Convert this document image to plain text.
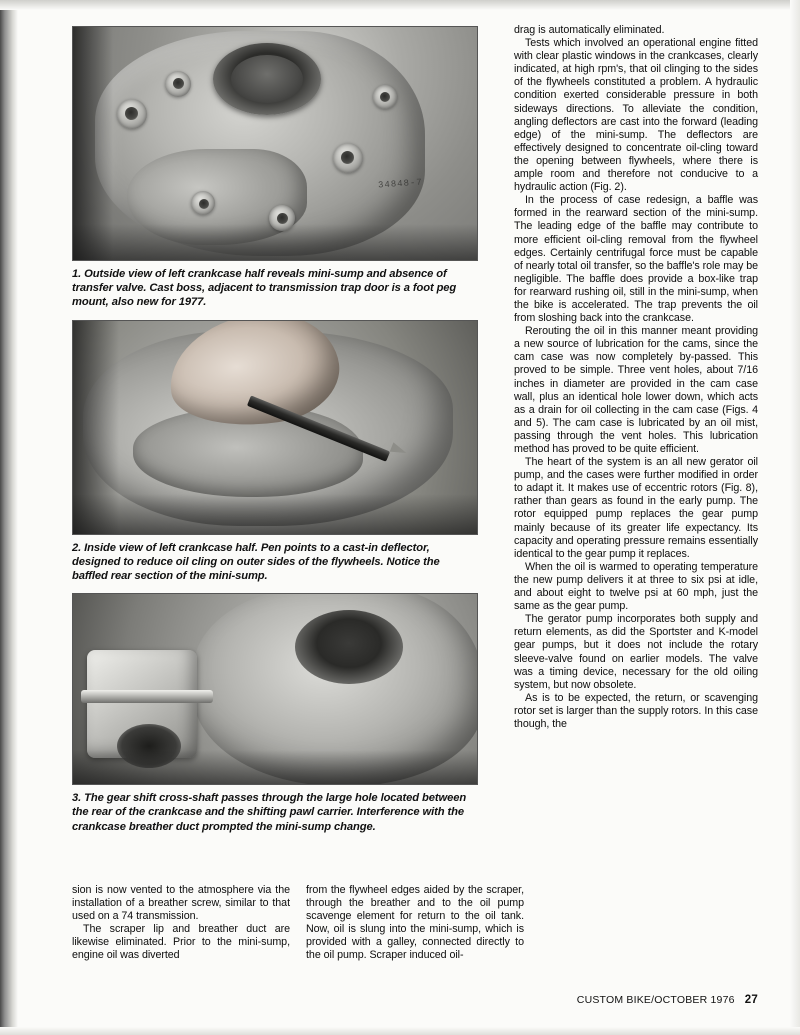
34848-7
1. Outside view of left crankcase half reveals mini-sump and absence of transfer valve. Cast boss, adjacent to transmission trap door is a foot peg mount, also new for 1977.
2. Inside view of left crankcase half. Pen points to a cast-in deflector, designed to reduce oil cling on outer sides of the flywheels. Notice the baffled rear section of the mini-sump.
3. The gear shift cross-shaft passes through the large hole located between the rear of the crankcase and the shifting pawl carrier. Interference with the crankcase breather duct prompted the mini-sump change.

drag is automatically eliminated.

Tests which involved an operational engine fitted with clear plastic windows in the crankcases, clearly indicated, at high rpm's, that oil clinging to the sides of the flywheels constituted a problem. A hydraulic condition exerted considerable pressure in both sideways directions. To alleviate the condition, angling deflectors are cast into the forward (leading edge) of the mini-sump. The deflectors are effectively designed to concentrate oil-cling toward the opening between flywheels, where there is ample room and therefore not conducive to a hydraulic action (Fig. 2).

In the process of case redesign, a baffle was formed in the rearward section of the mini-sump. The leading edge of the baffle may contribute to more efficient oil-cling removal from the flywheel edges. Certainly centrifugal force must be capable of nearly total oil transfer, so the baffle's role may be negligible. The baffle does provide a box-like trap for rearward rushing oil, still in the mini-sump, when the bike is accelerated. The trap prevents the oil from sloshing back into the crankcase.

Rerouting the oil in this manner meant providing a new source of lubrication for the cams, since the cam case was now completely by-passed. This proved to be simple. Three vent holes, about 7/16 inches in diameter are provided in the cam case wall, plus an identical hole lower down, which acts as a drain for oil collecting in the cam case (Figs. 4 and 5). The cam case is lubricated by an oil mist, passing through the vent holes. This lubrication method has proved to be quite efficient.

The heart of the system is an all new gerator oil pump, and the cases were further modified in order to adapt it. It makes use of eccentric rotors (Fig. 8), rather than gears as found in the early pump. The rotor equipped pump replaces the gear pump mainly because of its greater life expectancy. Its capacity and operating pressure remains essentially identical to the gear pump it replaces.

When the oil is warmed to operating temperature the new pump delivers it at three to six psi at idle, and about eight to twelve psi at 60 mph, just the same as the gear pump.

The gerator pump incorporates both supply and return elements, as did the Sportster and K-model gear pumps, but it does not include the rotary sleeve-valve found on earlier models. The valve was a timing device, necessary for the old oiling system, but now obsolete.

As is to be expected, the return, or scavenging rotor set is larger than the supply rotors. In this case though, the

sion is now vented to the atmosphere via the installation of a breather screw, similar to that used on a 74 transmission.

The scraper lip and breather duct are likewise eliminated. Prior to the mini-sump, engine oil was diverted

from the flywheel edges aided by the scraper, through the breather and to the oil pump scavenge element for return to the oil tank. Now, oil is slung into the mini-sump, which is provided with a galley, connected directly to the oil pump. Scraper induced oil-

CUSTOM BIKE/OCTOBER 1976 27
